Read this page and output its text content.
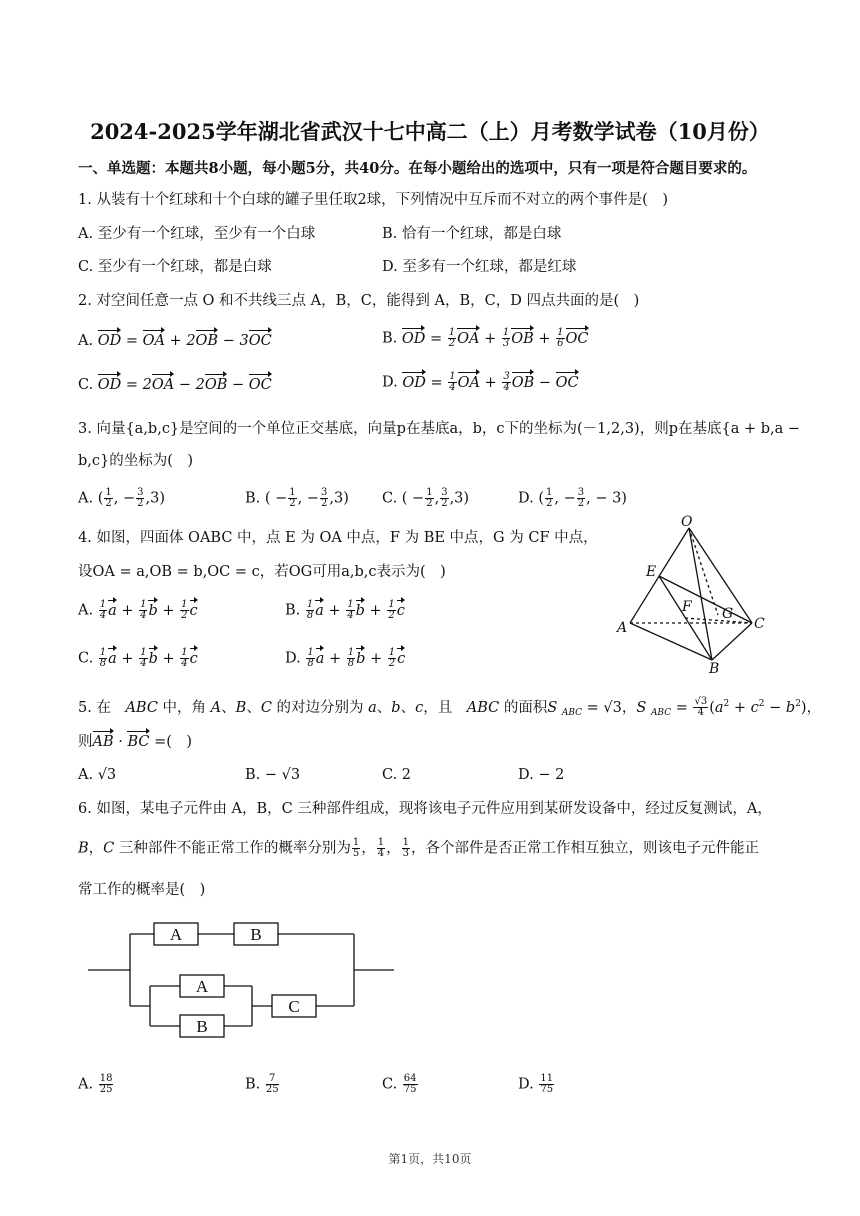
2024-2025学年湖北省武汉十七中高二（上）月考数学试卷（10月份）
一、单选题：本题共8小题，每小题5分，共40分。在每小题给出的选项中，只有一项是符合题目要求的。
1. 从装有十个红球和十个白球的罐子里任取2球，下列情况中互斥而不对立的两个事件是(　)
A. 至少有一个红球，至少有一个白球	B. 恰有一个红球，都是白球
C. 至少有一个红球，都是白球	D. 至多有一个红球，都是红球
2. 对空间任意一点 O 和不共线三点 A，B，C，能得到 A，B，C，D 四点共面的是(　)
A. OD = OA + 2OB − 3OC	B. OD = $\frac{1}{2}$ OA + $\frac{1}{3}$ OB + $\frac{1}{6}$ OC
C. OD = 2OA − 2OB − OC	D. OD = $\frac{1}{4}$ OA + $\frac{3}{4}$ OB − OC
3. 向量{a,b,c}是空间的一个单位正交基底，向量p在基底a，b，c下的坐标为(－1,2,3)，则p在基底{a + b,a −
b,c}的坐标为(　)
A. ( $\frac{1}{2}$ , − $\frac{3}{2} ,3$)	B. ( − $\frac{1}{2}$ , − $\frac{3}{2} ,3$) C. ( − $\frac{1}{2}$ , $\frac{3}{2} ,3$)	D. ( $\frac{1}{2}$ , − $\frac{3}{2}$ , − 3)
4. 如图，四面体 OABC 中，点 E 为 OA 中点，F 为 BE 中点，G 为 CF 中点，
设OA = a,OB = b,OC = c，若OG可用a,b,c表示为(　)
A. $\frac{1}{4}$ $a + \frac{1}{4}$ $b + \frac{1}{2}$ c	B. $\frac{1}{8}$ $a + \frac{1}{4}$ $b + \frac{1}{2}$ c
C. $\frac{1}{8}$ $a + \frac{1}{4}$ $b + \frac{1}{4}$ c	D. $\frac{1}{8}$ $a + \frac{1}{8}$ $b + \frac{1}{2}$ c
O
E
F G
A
B
C
5. 在　ABC 中，角 A、B、C 的对边分别为 a、b、c，且　ABC 的面积S $_{ABC}$ = √3，S $_{ABC} = \frac{√3}{4} (a^2 + c^2 - b^2)$，
则AB · BC =(　)
A. √3	B. − √3	C. 2	D. − 2
6. 如图，某电子元件由 A，B，C 三种部件组成，现将该电子元件应用到某研发设备中，经过反复测试，A，
B，C 三种部件不能正常工作的概率分别为 $\frac{1}{5}$ ， $\frac{1}{4}$ ， $\frac{1}{3}$ ，各个部件是否正常工作相互独立，则该电子元件能正
常工作的概率是(　)
A	B
A
B
C
A. $\frac{18}{25}$	B. $\frac{7}{25}$	C. $\frac{64}{75}$	D. $\frac{11}{75}$
第1页，共10页
